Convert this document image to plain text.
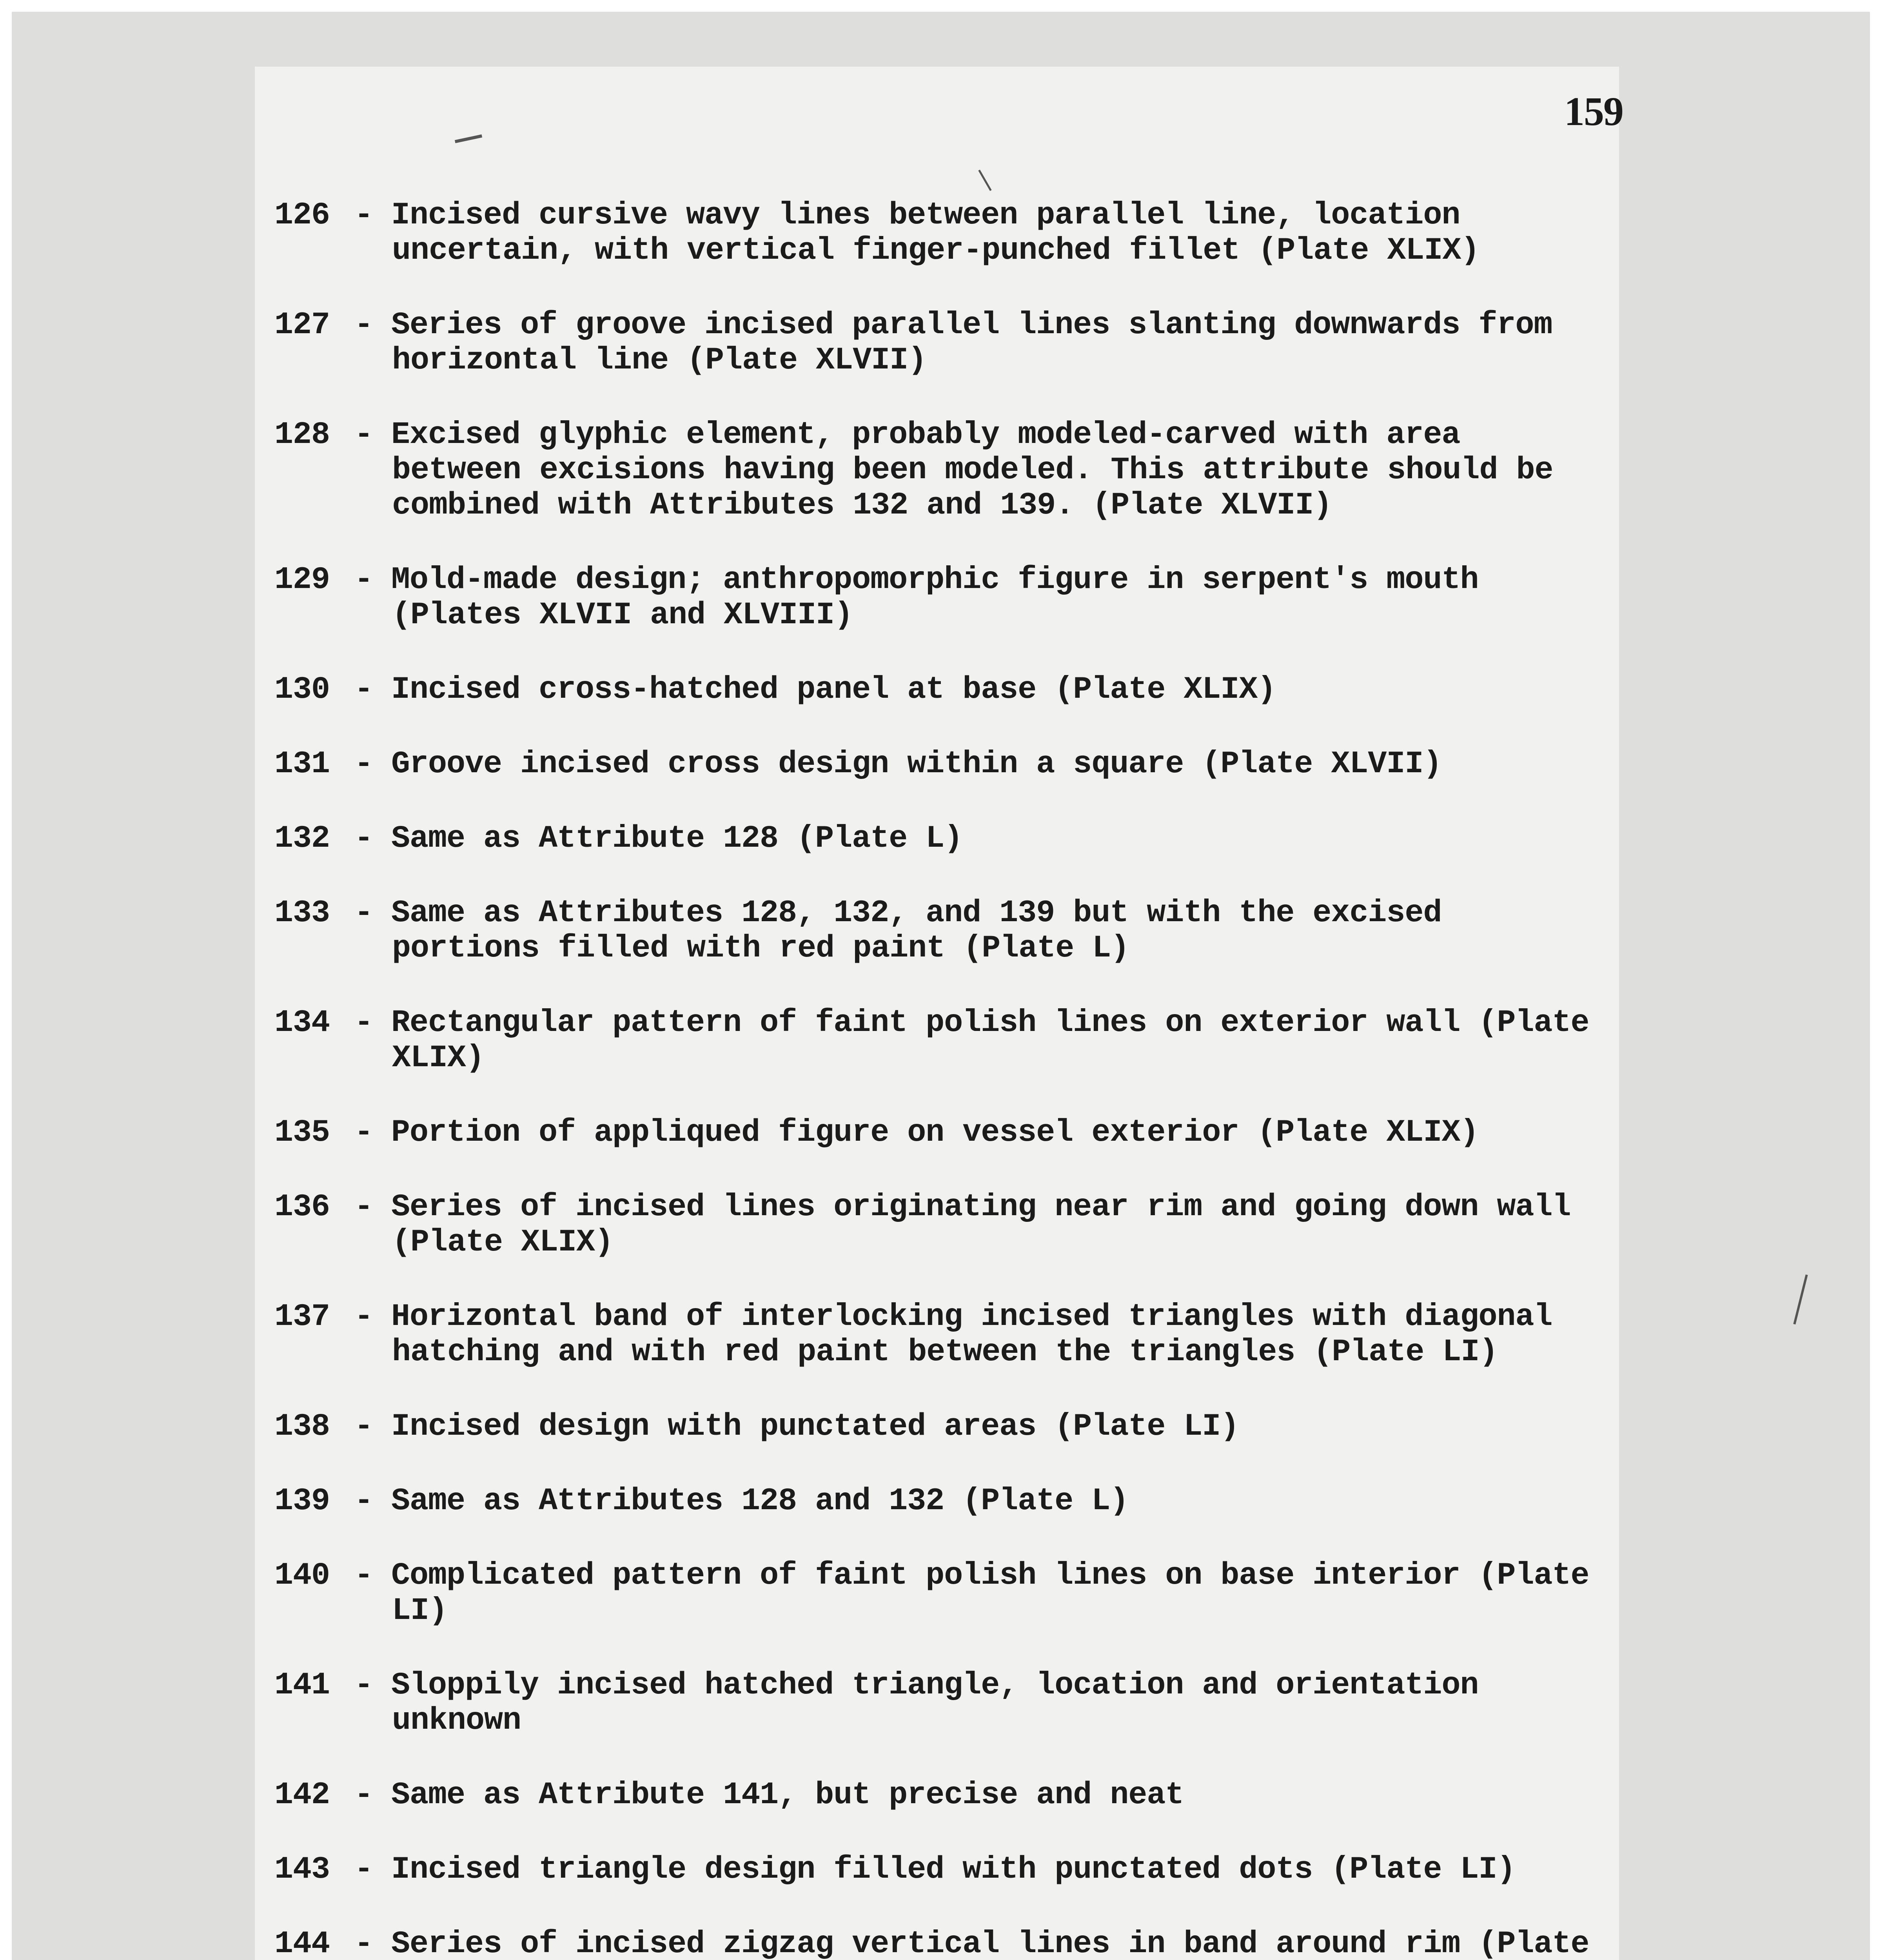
159
126 - Incised cursive wavy lines between parallel line, location uncertain, with vertical finger-punched fillet (Plate XLIX)
127 - Series of groove incised parallel lines slanting downwards from horizontal line (Plate XLVII)
128 - Excised glyphic element, probably modeled-carved with area between excisions having been modeled. This attribute should be combined with Attributes 132 and 139. (Plate XLVII)
129 - Mold-made design; anthropomorphic figure in serpent's mouth (Plates XLVII and XLVIII)
130 - Incised cross-hatched panel at base (Plate XLIX)
131 - Groove incised cross design within a square (Plate XLVII)
132 - Same as Attribute 128 (Plate L)
133 - Same as Attributes 128, 132, and 139 but with the excised portions filled with red paint (Plate L)
134 - Rectangular pattern of faint polish lines on exterior wall (Plate XLIX)
135 - Portion of appliqued figure on vessel exterior (Plate XLIX)
136 - Series of incised lines originating near rim and going down wall (Plate XLIX)
137 - Horizontal band of interlocking incised triangles with diagonal hatching and with red paint between the triangles (Plate LI)
138 - Incised design with punctated areas (Plate LI)
139 - Same as Attributes 128 and 132 (Plate L)
140 - Complicated pattern of faint polish lines on base interior (Plate LI)
141 - Sloppily incised hatched triangle, location and orientation unknown
142 - Same as Attribute 141, but precise and neat
143 - Incised triangle design filled with punctated dots (Plate LI)
144 - Series of incised zigzag vertical lines in band around rim (Plate
